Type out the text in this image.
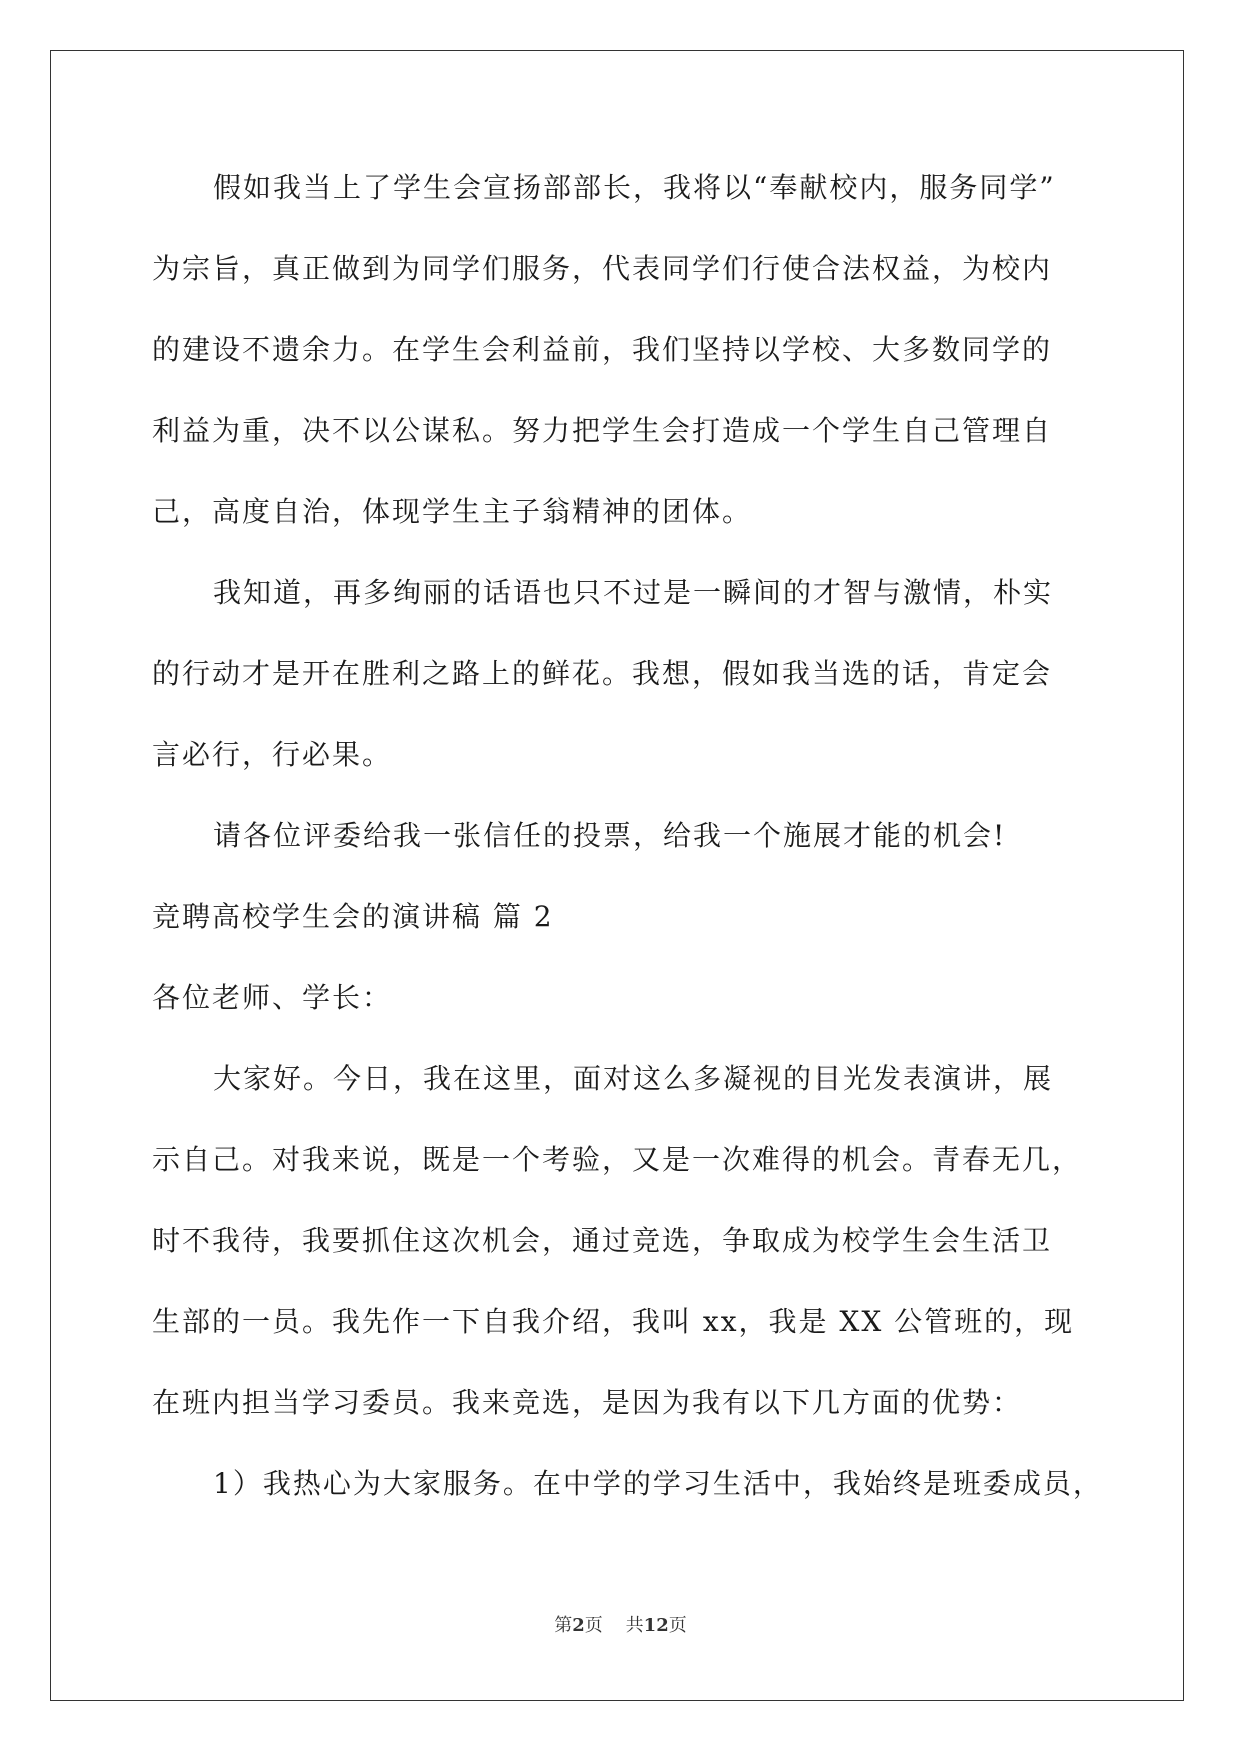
假如我当上了学生会宣扬部部长，我将以“奉献校内，服务同学”
为宗旨，真正做到为同学们服务，代表同学们行使合法权益，为校内
的建设不遗余力。在学生会利益前，我们坚持以学校、大多数同学的
利益为重，决不以公谋私。努力把学生会打造成一个学生自己管理自
己，高度自治，体现学生主子翁精神的团体。
我知道，再多绚丽的话语也只不过是一瞬间的才智与激情，朴实
的行动才是开在胜利之路上的鲜花。我想，假如我当选的话，肯定会
言必行，行必果。
请各位评委给我一张信任的投票，给我一个施展才能的机会!
竞聘高校学生会的演讲稿 篇 2
各位老师、学长：
大家好。今日，我在这里，面对这么多凝视的目光发表演讲，展
示自己。对我来说，既是一个考验，又是一次难得的机会。青春无几，
时不我待，我要抓住这次机会，通过竞选，争取成为校学生会生活卫
生部的一员。我先作一下自我介绍，我叫 xx，我是 XX 公管班的，现
在班内担当学习委员。我来竞选，是因为我有以下几方面的优势：
1）我热心为大家服务。在中学的学习生活中，我始终是班委成员，
第2页 共12页
